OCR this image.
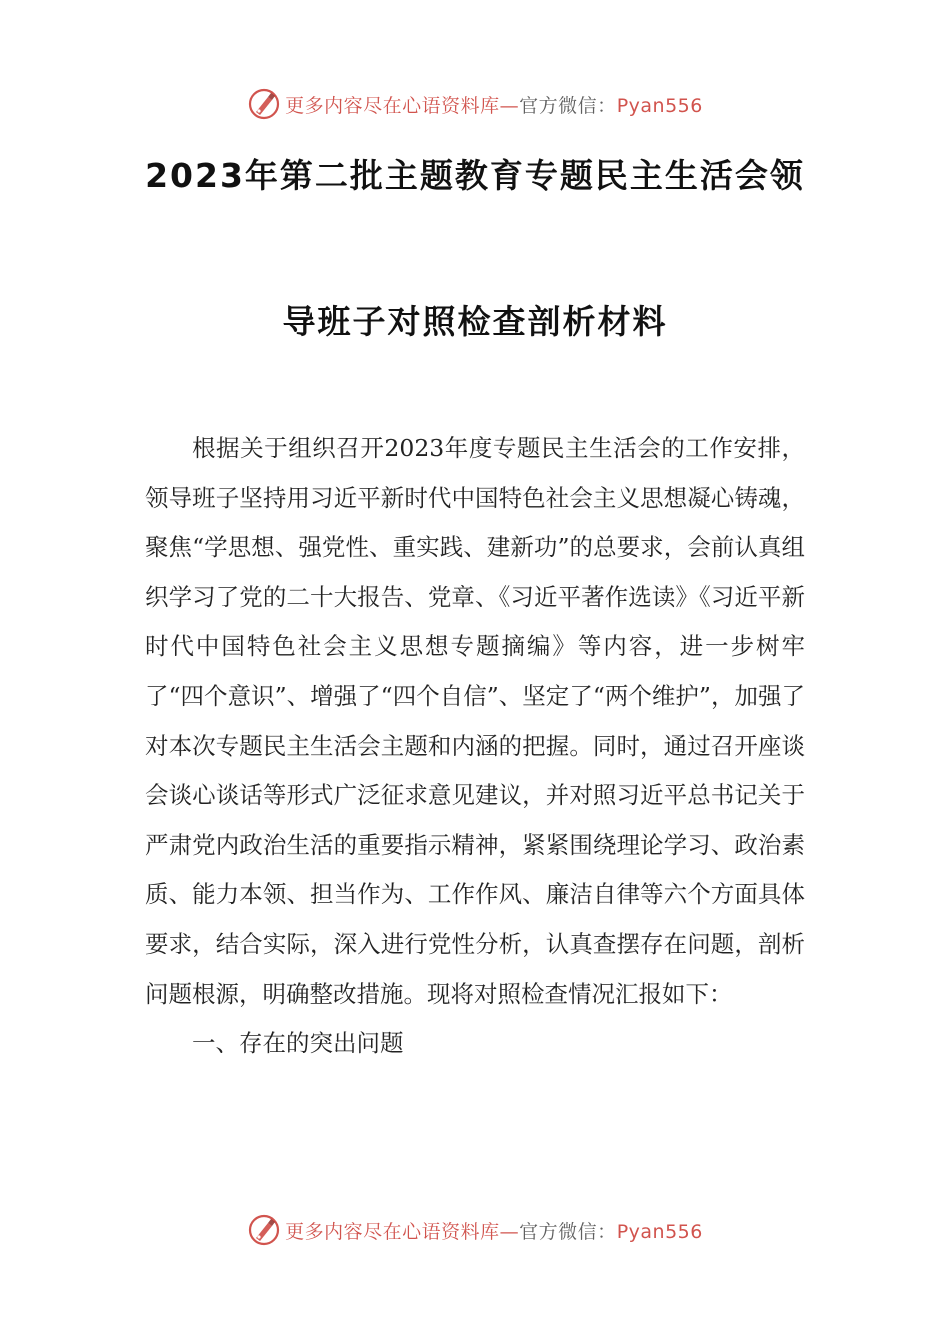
更多内容尽在心语资料库—官方微信：Pyan556
2023年第二批主题教育专题民主生活会领
导班子对照检查剖析材料

根据关于组织召开2023年度专题民主生活会的工作安排，领导班子坚持用习近平新时代中国特色社会主义思想凝心铸魂，聚焦“学思想、强党性、重实践、建新功”的总要求，会前认真组织学习了党的二十大报告、党章、《习近平著作选读》《习近平新时代中国特色社会主义思想专题摘编》等内容，进一步树牢了“四个意识”、增强了“四个自信”、坚定了“两个维护”，加强了对本次专题民主生活会主题和内涵的把握。同时，通过召开座谈会谈心谈话等形式广泛征求意见建议，并对照习近平总书记关于严肃党内政治生活的重要指示精神，紧紧围绕理论学习、政治素质、能力本领、担当作为、工作作风、廉洁自律等六个方面具体要求，结合实际，深入进行党性分析，认真查摆存在问题，剖析问题根源，明确整改措施。现将对照检查情况汇报如下：

一、存在的突出问题

更多内容尽在心语资料库—官方微信：Pyan556
